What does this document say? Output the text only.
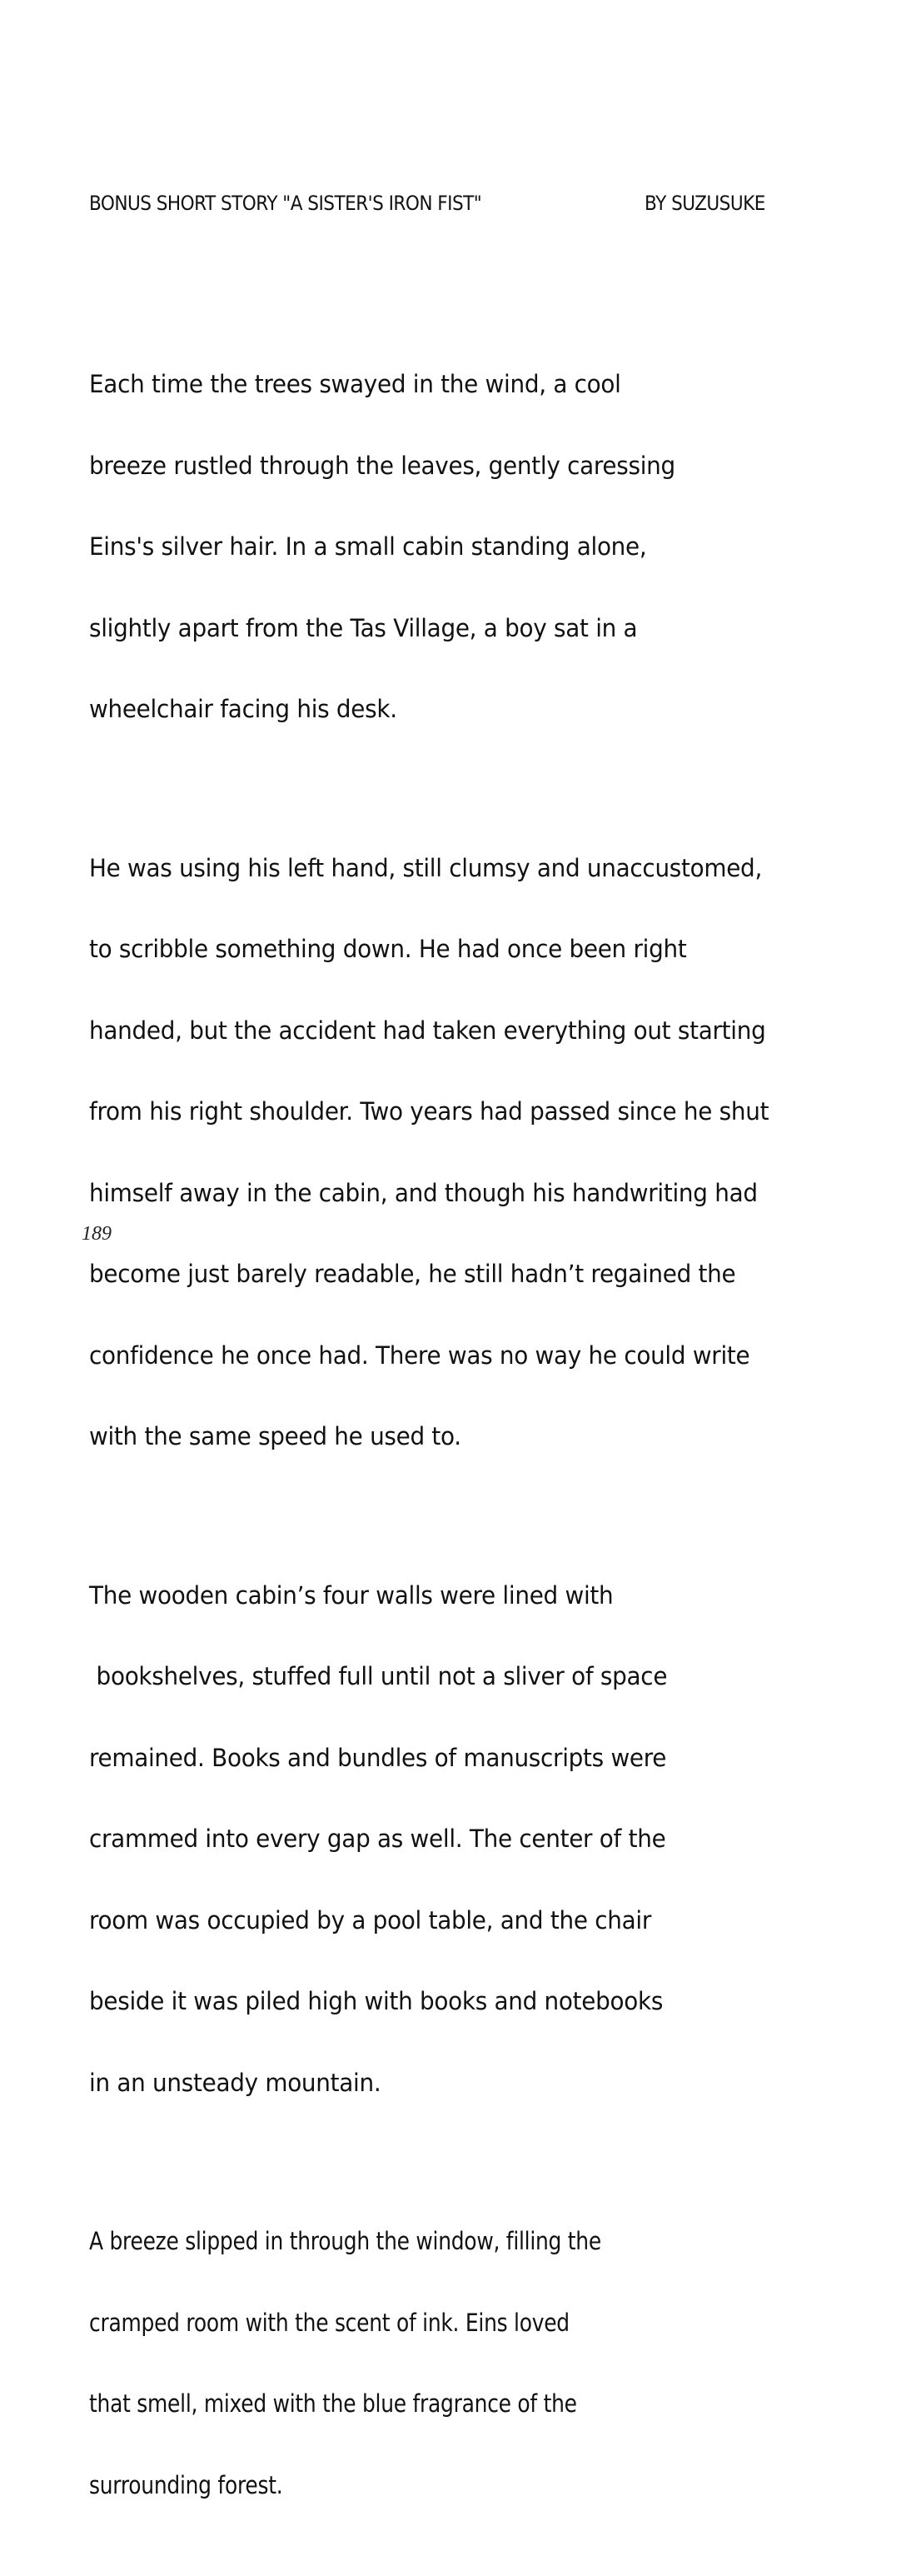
BONUS SHORT STORY "A SISTER'S IRON FIST"	BY SUZUSUKE

Each time the trees swayed in the wind, a cool

breeze rustled through the leaves, gently caressing

Eins's silver hair. In a small cabin standing alone,

slightly apart from the Tas Village, a boy sat in a

wheelchair facing his desk.

He was using his left hand, still clumsy and unaccustomed,

to scribble something down. He had once been right

handed, but the accident had taken everything out starting

from his right shoulder. Two years had passed since he shut

himself away in the cabin, and though his handwriting had

become just barely readable, he still hadn’t regained the

confidence he once had. There was no way he could write

with the same speed he used to.

The wooden cabin’s four walls were lined with

bookshelves, stuffed full until not a sliver of space

remained. Books and bundles of manuscripts were

crammed into every gap as well. The center of the

room was occupied by a pool table, and the chair

beside it was piled high with books and notebooks

in an unsteady mountain.

A breeze slipped in through the window, filling the

cramped room with the scent of ink. Eins loved

that smell, mixed with the blue fragrance of the

surrounding forest.

189
